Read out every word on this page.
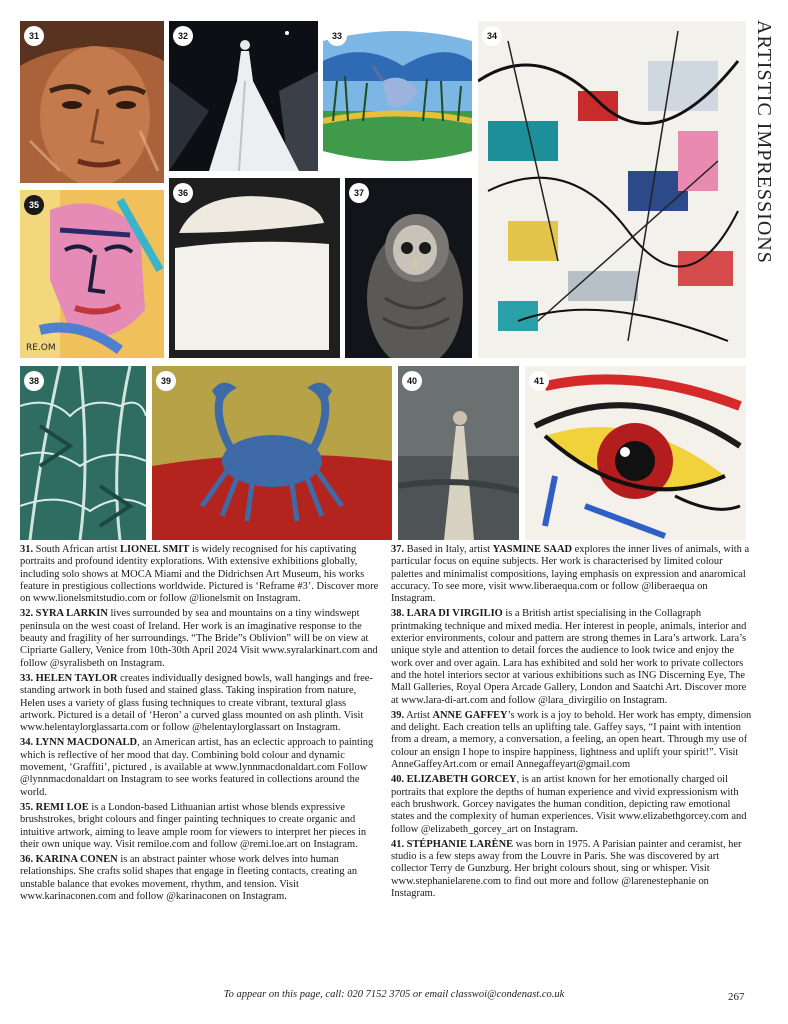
ARTISTIC IMPRESSIONS
31
35
RE.OM
32	33
36	37
34
38	39	40	41

31. South African artist LIONEL SMIT is widely recognised for his captivating portraits and profound identity explorations. With extensive exhibitions globally, including solo shows at MOCA Miami and the Didrichsen Art Museum, his works feature in prestigious collections worldwide. Pictured is ‘Reframe #3’. Discover more on www.lionelsmitstudio.com or follow @lionelsmit on Instagram.

32. SYRA LARKIN lives surrounded by sea and mountains on a tiny windswept peninsula on the west coast of Ireland. Her work is an imaginative response to the beauty and fragility of her surroundings. “The Bride”s Oblivion” will be on view at Cipriarte Gallery, Venice from 10th-30th April 2024 Visit www.syralarkinart.com and follow @syralisbeth on Instagram.

33. HELEN TAYLOR creates individually designed bowls, wall hangings and free-standing artwork in both fused and stained glass. Taking inspiration from nature, Helen uses a variety of glass fusing techniques to create vibrant, textural glass artwork. Pictured is a detail of ‘Heron’ a curved glass mounted on ash plinth. Visit www.helentaylorglassarta.com or follow @helentaylorglassart on Instagram.

34. LYNN MACDONALD, an American artist, has an eclectic approach to painting which is reflective of her mood that day. Combining bold colour and dynamic movement, ‘Graffiti’, pictured , is available at www.lynnmacdonaldart.com Follow @lynnmacdonaldart on Instagram to see works featured in collections around the world.

35. REMI LOE is a London-based Lithuanian artist whose blends expressive brushstrokes, bright colours and finger painting techniques to create organic and intuitive artwork, aiming to leave ample room for viewers to interpret her pieces in their own unique way. Visit remiloe.com and follow @remi.loe.art on Instagram.

36. KARINA CONEN is an abstract painter whose work delves into human relationships. She crafts solid shapes that engage in fleeting contacts, creating an unstable balance that evokes movement, rhythm, and tension. Visit www.karinaconen.com and follow @karinaconen on Instagram.

37. Based in Italy, artist YASMINE SAAD explores the inner lives of animals, with a particular focus on equine subjects. Her work is characterised by limited colour palettes and minimalist compositions, laying emphasis on expression and anaromical accuracy. To see more, visit www.liberaequa.com or follow @liberaequa on Instagram.

38. LARA DI VIRGILIO is a British artist specialising in the Collagraph printmaking technique and mixed media. Her interest in people, animals, interior and exterior environments, colour and pattern are strong themes in Lara’s artwork. Lara’s unique style and attention to detail forces the audience to look twice and enjoy the work over and over again. Lara has exhibited and sold her work to private collectors and the hotel interiors sector at various exhibitions such as ING Discerning Eye, The Mall Galleries, Royal Opera Arcade Gallery, London and Saatchi Art. Discover more at www.lara-di-art.com and follow @lara_divirgilio on Instagram.

39. Artist ANNE GAFFEY’s work is a joy to behold. Her work has empty, dimension and delight. Each creation tells an uplifting tale. Gaffey says, “I paint with intention from a dream, a memory, a conversation, a feeling, an open heart. Through my use of colour an ensign I hope to inspire happiness, lightness and uplift your spirit!”. Visit AnneGaffeyArt.com or email Annegaffeyart@gmail.com

40. ELIZABETH GORCEY, is an artist known for her emotionally charged oil portraits that explore the depths of human experience and vivid expressionism with each brushwork. Gorcey navigates the human condition, depicting raw emotional states and the complexity of human experiences. Visit www.elizabethgorcey.com and follow @elizabeth_gorcey_art on Instagram.

41. STÉPHANIE LARÈNE was born in 1975. A Parisian painter and ceramist, her studio is a few steps away from the Louvre in Paris. She was discovered by art collector Terry de Gunzburg. Her bright colours shout, sing or whisper. Visit www.stephanielarene.com to find out more and follow @larenestephanie on Instagram.

To appear on this page, call: 020 7152 3705 or email classwoi@condenast.co.uk	267
